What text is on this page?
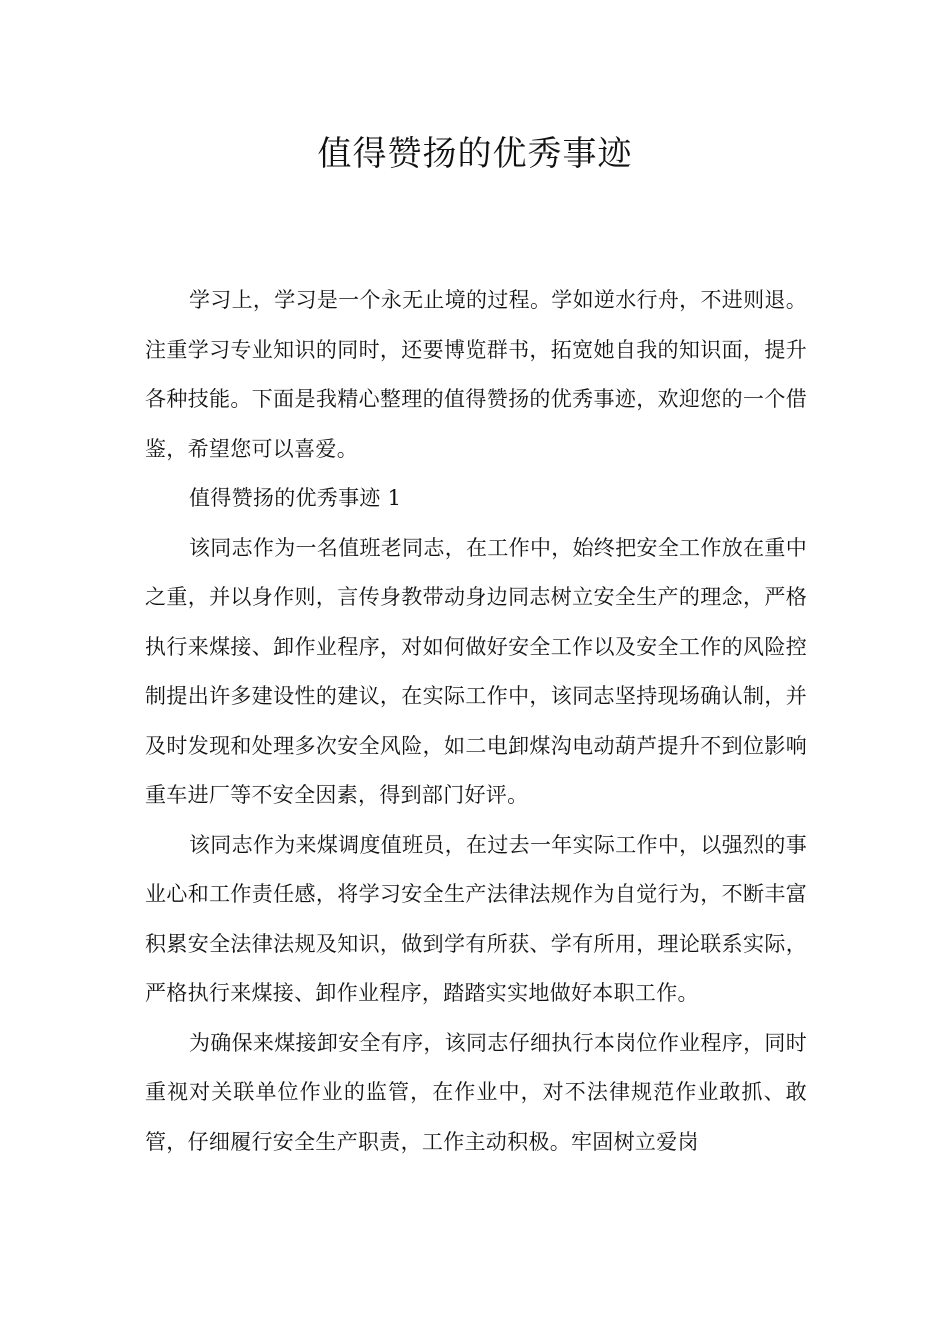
值得赞扬的优秀事迹

学习上，学习是一个永无止境的过程。学如逆水行舟，不进则退。注重学习专业知识的同时，还要博览群书，拓宽她自我的知识面，提升各种技能。下面是我精心整理的值得赞扬的优秀事迹，欢迎您的一个借鉴，希望您可以喜爱。

值得赞扬的优秀事迹 1

该同志作为一名值班老同志，在工作中，始终把安全工作放在重中之重，并以身作则，言传身教带动身边同志树立安全生产的理念，严格执行来煤接、卸作业程序，对如何做好安全工作以及安全工作的风险控制提出许多建设性的建议，在实际工作中，该同志坚持现场确认制，并及时发现和处理多次安全风险，如二电卸煤沟电动葫芦提升不到位影响重车进厂等不安全因素，得到部门好评。

该同志作为来煤调度值班员，在过去一年实际工作中，以强烈的事业心和工作责任感，将学习安全生产法律法规作为自觉行为，不断丰富积累安全法律法规及知识，做到学有所获、学有所用，理论联系实际，严格执行来煤接、卸作业程序，踏踏实实地做好本职工作。

为确保来煤接卸安全有序，该同志仔细执行本岗位作业程序，同时重视对关联单位作业的监管，在作业中，对不法律规范作业敢抓、敢管，仔细履行安全生产职责，工作主动积极。牢固树立爱岗
